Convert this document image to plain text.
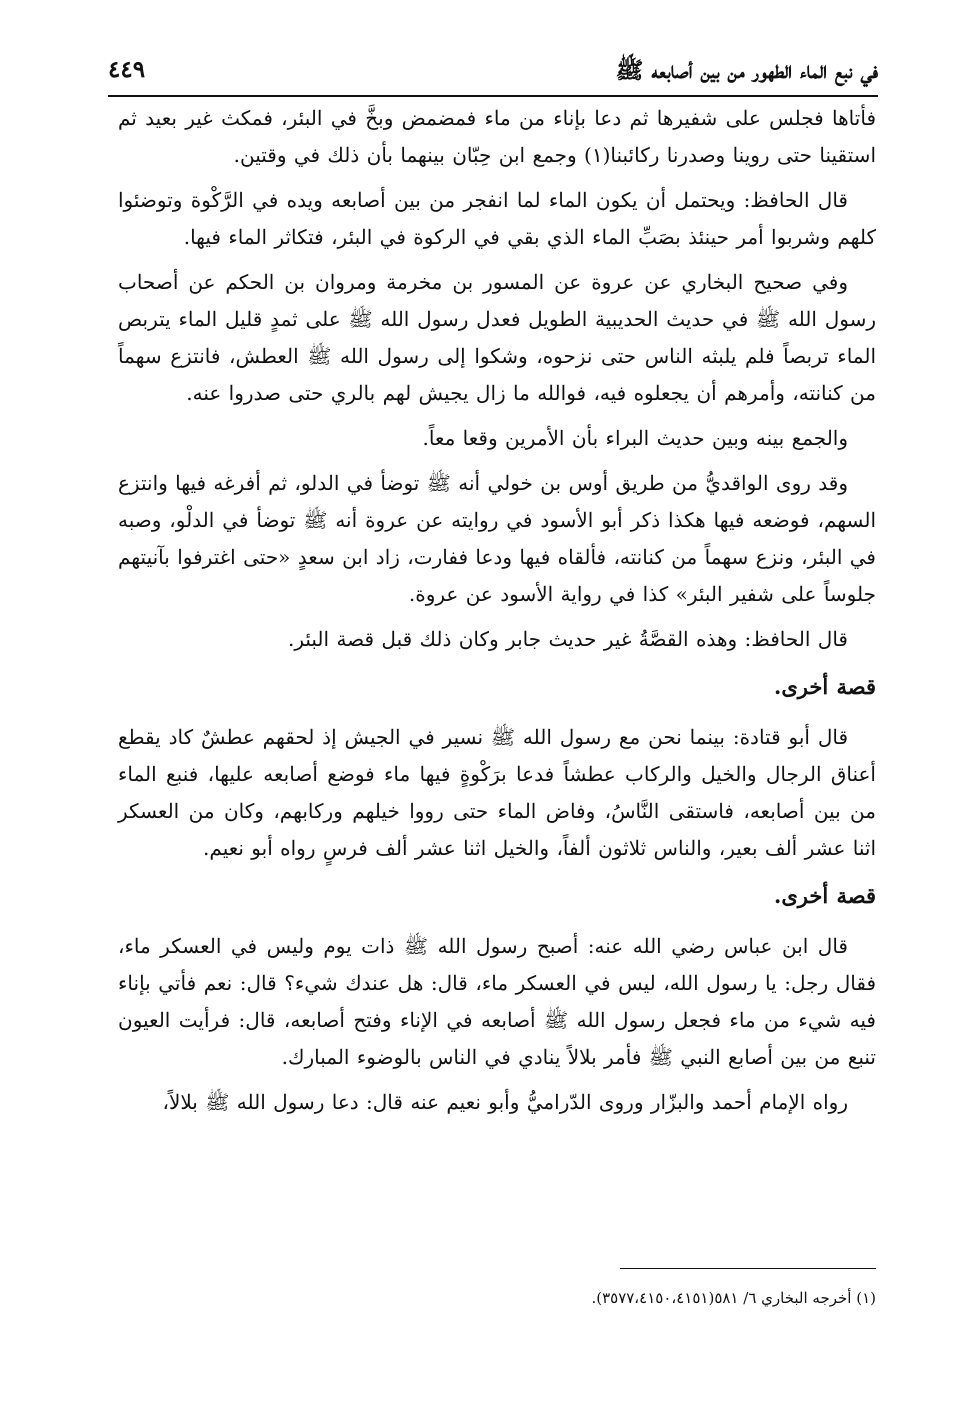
في نبع الماء الطهور من بين أصابعه ﷺ
٤٤٩

فأتاها فجلس على شفيرها ثم دعا بإناء من ماء فمضمض وبخَّ في البئر، فمكث غير بعيد ثم استقينا حتى روينا وصدرنا ركائبنا(١) وجمع ابن حِبّان بينهما بأن ذلك في وقتين.

قال الحافظ: ويحتمل أن يكون الماء لما انفجر من بين أصابعه ويده في الرَّكْوة وتوضئوا كلهم وشربوا أمر حينئذ بصَبِّ الماء الذي بقي في الركوة في البئر، فتكاثر الماء فيها.

وفي صحيح البخاري عن عروة عن المسور بن مخرمة ومروان بن الحكم عن أصحاب رسول الله ﷺ في حديث الحديبية الطويل فعدل رسول الله ﷺ على ثمدٍ قليل الماء يتربص الماء تربصاً فلم يلبثه الناس حتى نزحوه، وشكوا إلى رسول الله ﷺ العطش، فانتزع سهماً من كنانته، وأمرهم أن يجعلوه فيه، فوالله ما زال يجيش لهم بالري حتى صدروا عنه.

والجمع بينه وبين حديث البراء بأن الأمرين وقعا معاً.

وقد روى الواقديُّ من طريق أوس بن خولي أنه ﷺ توضأ في الدلو، ثم أفرغه فيها وانتزع السهم، فوضعه فيها هكذا ذكر أبو الأسود في روايته عن عروة أنه ﷺ توضأ في الدلْو، وصبه في البئر، ونزع سهماً من كنانته، فألقاه فيها ودعا ففارت، زاد ابن سعدٍ «حتى اغترفوا بآنيتهم جلوساً على شفير البئر» كذا في رواية الأسود عن عروة.

قال الحافظ: وهذه القصَّةُ غير حديث جابر وكان ذلك قبل قصة البئر.

قصة أخرى.

قال أبو قتادة: بينما نحن مع رسول الله ﷺ نسير في الجيش إذ لحقهم عطشٌ كاد يقطع أعناق الرجال والخيل والركاب عطشاً فدعا برَكْوةٍ فيها ماء فوضع أصابعه عليها، فنبع الماء من بين أصابعه، فاستقى النَّاسُ، وفاض الماء حتى رووا خيلهم وركابهم، وكان من العسكر اثنا عشر ألف بعير، والناس ثلاثون ألفاً، والخيل اثنا عشر ألف فرسٍ رواه أبو نعيم.

قصة أخرى.

قال ابن عباس رضي الله عنه: أصبح رسول الله ﷺ ذات يوم وليس في العسكر ماء، فقال رجل: يا رسول الله، ليس في العسكر ماء، قال: هل عندك شيء؟ قال: نعم فأتي بإناء فيه شيء من ماء فجعل رسول الله ﷺ أصابعه في الإناء وفتح أصابعه، قال: فرأيت العيون تنبع من بين أصابع النبي ﷺ فأمر بلالاً ينادي في الناس بالوضوء المبارك.

رواه الإمام أحمد والبزّار وروى الدّراميُّ وأبو نعيم عنه قال: دعا رسول الله ﷺ بلالاً،

(١) أخرجه البخاري ٦/ ٥٨١(٣٥٧٧،٤١٥٠،٤١٥١).
